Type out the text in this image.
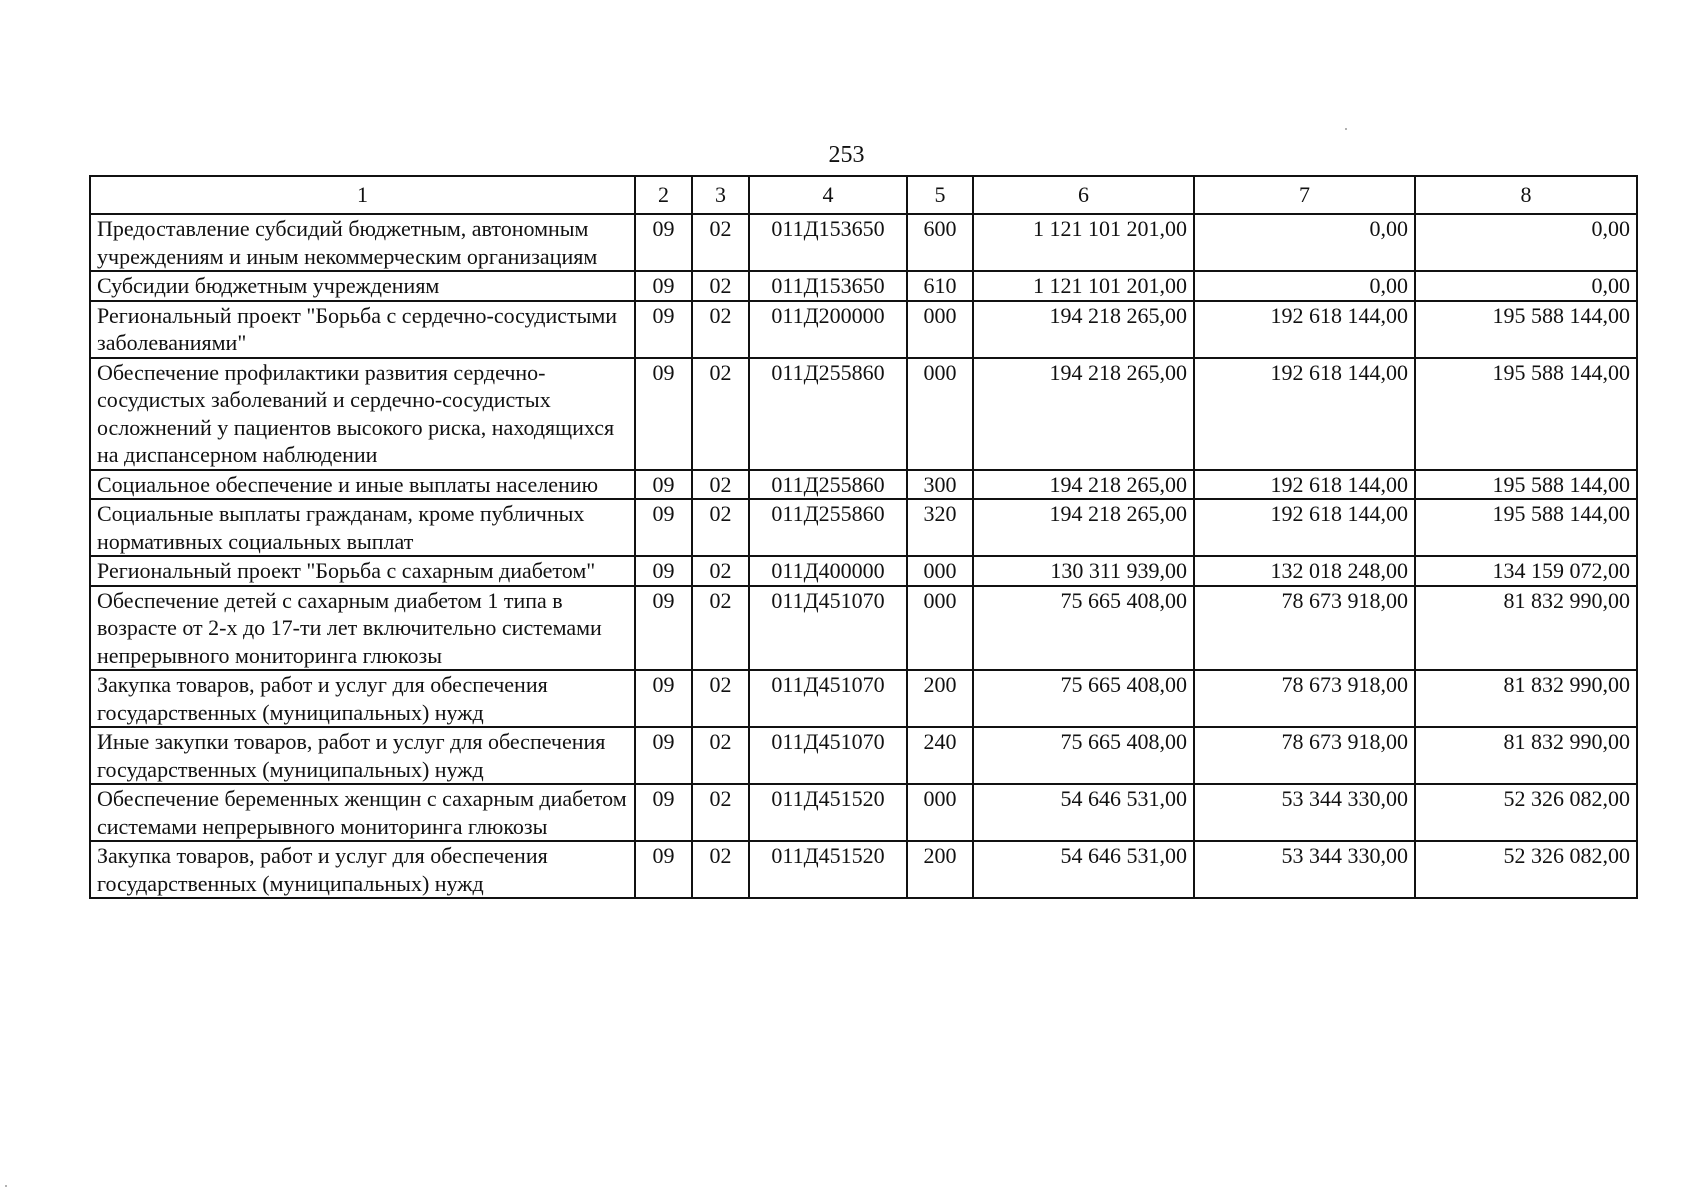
253
1	2	3	4	5	6	7	8
Предоставление субсидий бюджетным, автономным учреждениям и иным некоммерческим организациям	09	02	011Д153650	600	1 121 101 201,00	0,00	0,00
Субсидии бюджетным учреждениям	09	02	011Д153650	610	1 121 101 201,00	0,00	0,00
Региональный проект "Борьба с сердечно-сосудистыми заболеваниями"	09	02	011Д200000	000	194 218 265,00	192 618 144,00	195 588 144,00
Обеспечение профилактики развития сердечно-сосудистых заболеваний и сердечно-сосудистых осложнений у пациентов высокого риска, находящихся на диспансерном наблюдении	09	02	011Д255860	000	194 218 265,00	192 618 144,00	195 588 144,00
Социальное обеспечение и иные выплаты населению	09	02	011Д255860	300	194 218 265,00	192 618 144,00	195 588 144,00
Социальные выплаты гражданам, кроме публичных нормативных социальных выплат	09	02	011Д255860	320	194 218 265,00	192 618 144,00	195 588 144,00
Региональный проект "Борьба с сахарным диабетом"	09	02	011Д400000	000	130 311 939,00	132 018 248,00	134 159 072,00
Обеспечение детей с сахарным диабетом 1 типа в возрасте от 2-х до 17-ти лет включительно системами непрерывного мониторинга глюкозы	09	02	011Д451070	000	75 665 408,00	78 673 918,00	81 832 990,00
Закупка товаров, работ и услуг для обеспечения государственных (муниципальных) нужд	09	02	011Д451070	200	75 665 408,00	78 673 918,00	81 832 990,00
Иные закупки товаров, работ и услуг для обеспечения государственных (муниципальных) нужд	09	02	011Д451070	240	75 665 408,00	78 673 918,00	81 832 990,00
Обеспечение беременных женщин с сахарным диабетом системами непрерывного мониторинга глюкозы	09	02	011Д451520	000	54 646 531,00	53 344 330,00	52 326 082,00
Закупка товаров, работ и услуг для обеспечения государственных (муниципальных) нужд	09	02	011Д451520	200	54 646 531,00	53 344 330,00	52 326 082,00
